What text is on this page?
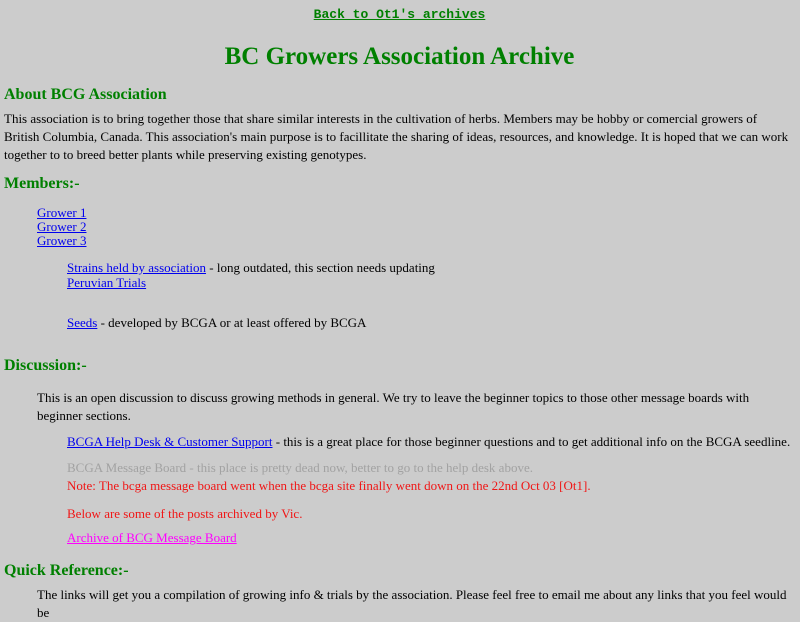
Back to Ot1's archives
BC Growers Association Archive
About BCG Association

This association is to bring together those that share similar interests in the cultivation of herbs. Members may be hobby or comercial growers of British Columbia, Canada. This association's main purpose is to facillitate the sharing of ideas, resources, and knowledge. It is hoped that we can work together to to breed better plants while preserving existing genotypes.

Members:-
Grower 1
Grower 2
Grower 3
Strains held by association - long outdated, this section needs updating
Peruvian Trials
Seeds - developed by BCGA or at least offered by BCGA
Discussion:-

This is an open discussion to discuss growing methods in general. We try to leave the beginner topics to those other message boards with beginner sections.

BCGA Help Desk & Customer Support - this is a great place for those beginner questions and to get additional info on the BCGA seedline.

BCGA Message Board - this place is pretty dead now, better to go to the help desk above.
Note: The bcga message board went when the bcga site finally went down on the 22nd Oct 03 [Ot1].

Below are some of the posts archived by Vic.

Archive of BCG Message Board

Quick Reference:-

The links will get you a compilation of growing info & trials by the association. Please feel free to email me about any links that you feel would be
